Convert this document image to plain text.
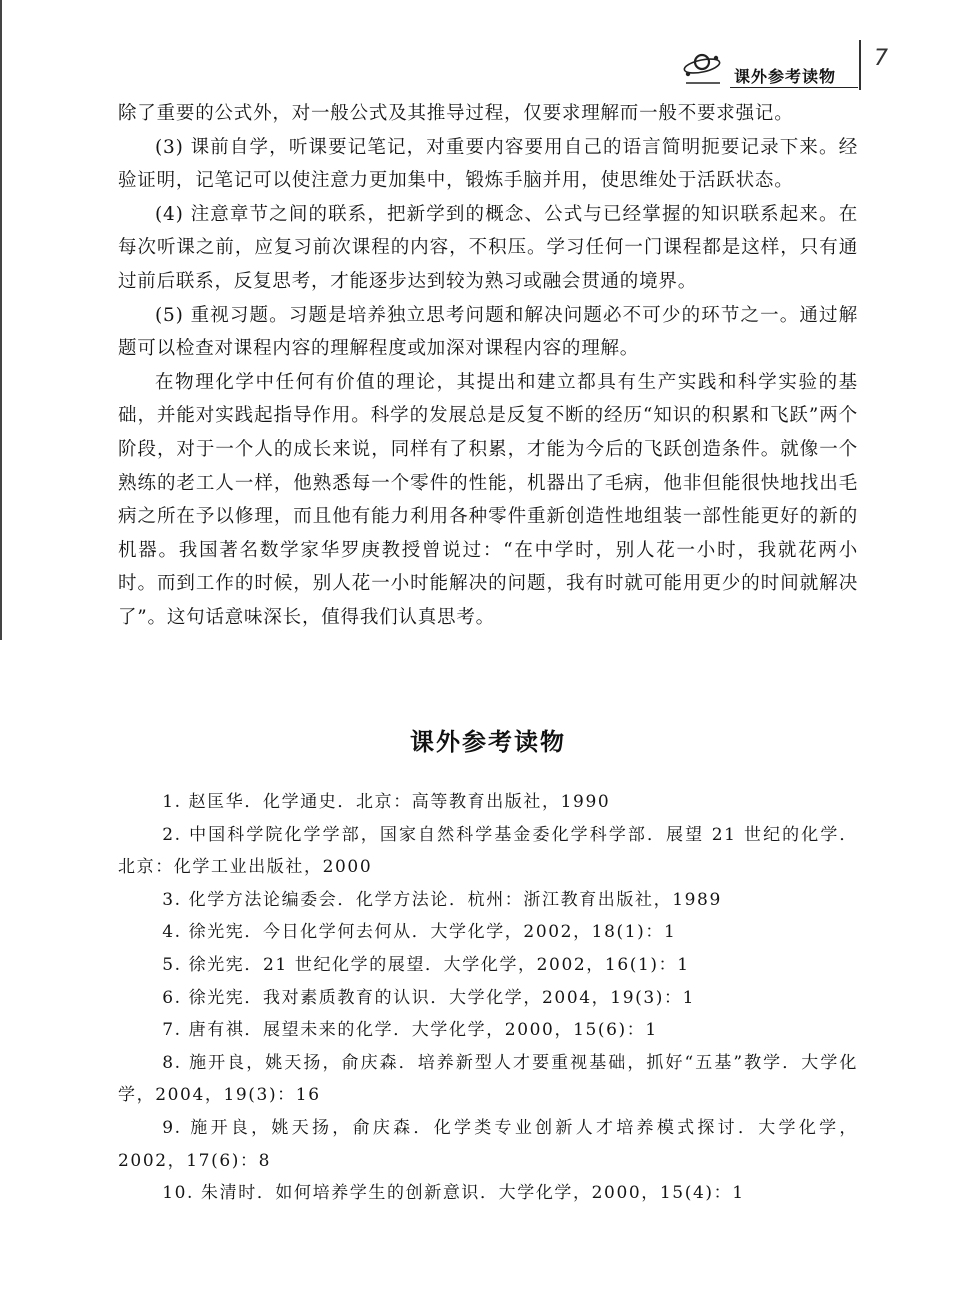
课外参考读物
7

除了重要的公式外，对一般公式及其推导过程，仅要求理解而一般不要求强记。

(3) 课前自学，听课要记笔记，对重要内容要用自己的语言简明扼要记录下来。经验证明，记笔记可以使注意力更加集中，锻炼手脑并用，使思维处于活跃状态。

(4) 注意章节之间的联系，把新学到的概念、公式与已经掌握的知识联系起来。在每次听课之前，应复习前次课程的内容，不积压。学习任何一门课程都是这样，只有通过前后联系，反复思考，才能逐步达到较为熟习或融会贯通的境界。

(5) 重视习题。习题是培养独立思考问题和解决问题必不可少的环节之一。通过解题可以检查对课程内容的理解程度或加深对课程内容的理解。

在物理化学中任何有价值的理论，其提出和建立都具有生产实践和科学实验的基础，并能对实践起指导作用。科学的发展总是反复不断的经历“知识的积累和飞跃”两个阶段，对于一个人的成长来说，同样有了积累，才能为今后的飞跃创造条件。就像一个熟练的老工人一样，他熟悉每一个零件的性能，机器出了毛病，他非但能很快地找出毛病之所在予以修理，而且他有能力利用各种零件重新创造性地组装一部性能更好的新的机器。我国著名数学家华罗庚教授曾说过：“在中学时，别人花一小时，我就花两小时。而到工作的时候，别人花一小时能解决的问题，我有时就可能用更少的时间就解决了”。这句话意味深长，值得我们认真思考。

课外参考读物
1. 赵匡华．化学通史．北京：高等教育出版社，1990
2. 中国科学院化学学部，国家自然科学基金委化学科学部．展望 21 世纪的化学．北京：化学工业出版社，2000
3. 化学方法论编委会．化学方法论．杭州：浙江教育出版社，1989
4. 徐光宪．今日化学何去何从．大学化学，2002，18(1)：1
5. 徐光宪．21 世纪化学的展望．大学化学，2002，16(1)：1
6. 徐光宪．我对素质教育的认识．大学化学，2004，19(3)：1
7. 唐有祺．展望未来的化学．大学化学，2000，15(6)：1
8. 施开良，姚天扬，俞庆森．培养新型人才要重视基础，抓好“五基”教学．大学化学，2004，19(3)：16
9. 施开良，姚天扬，俞庆森．化学类专业创新人才培养模式探讨．大学化学，2002，17(6)：8
10. 朱清时．如何培养学生的创新意识．大学化学，2000，15(4)：1
